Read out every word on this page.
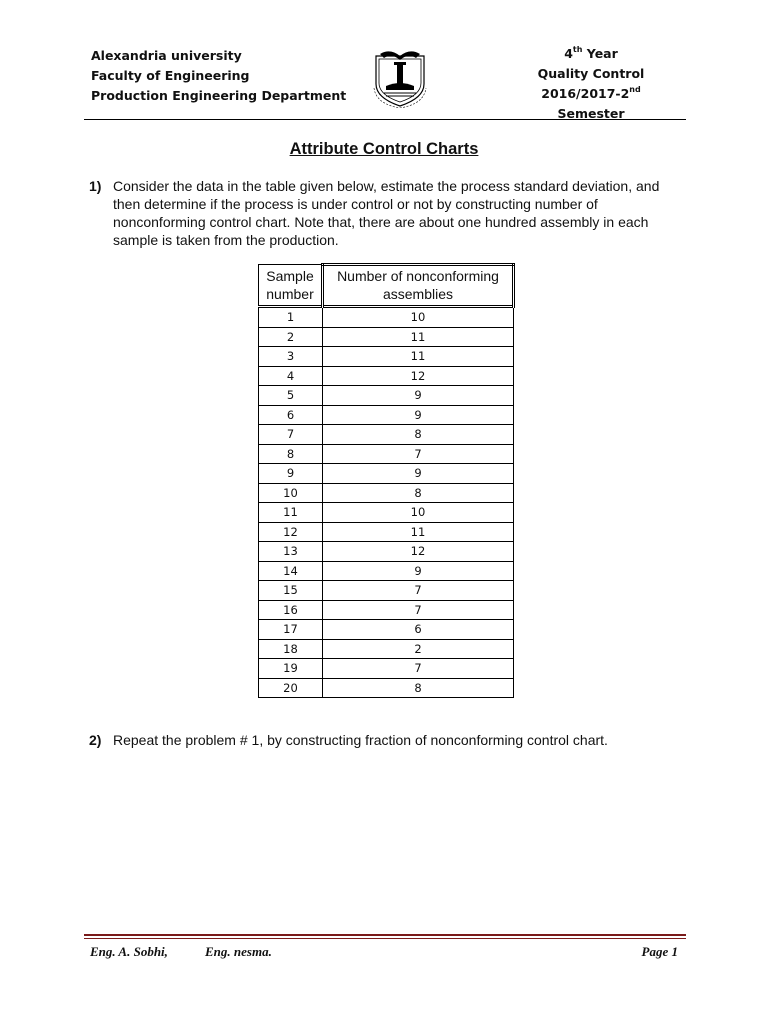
Alexandria university
Faculty of Engineering
Production Engineering Department
4th Year
Quality Control
2016/2017-2nd Semester
Attribute Control Charts
1) Consider the data in the table given below, estimate the process standard deviation, and then determine if the process is under control or not by constructing number of nonconforming control chart. Note that, there are about one hundred assembly in each sample is taken from the production.
Sample number	Number of nonconforming assemblies
1	10
2	11
3	11
4	12
5	9
6	9
7	8
8	7
9	9
10	8
11	10
12	11
13	12
14	9
15	7
16	7
17	6
18	2
19	7
20	8
2) Repeat the problem # 1, by constructing fraction of nonconforming control chart.
Eng. A. Sobhi,	Eng. nesma.	Page 1
